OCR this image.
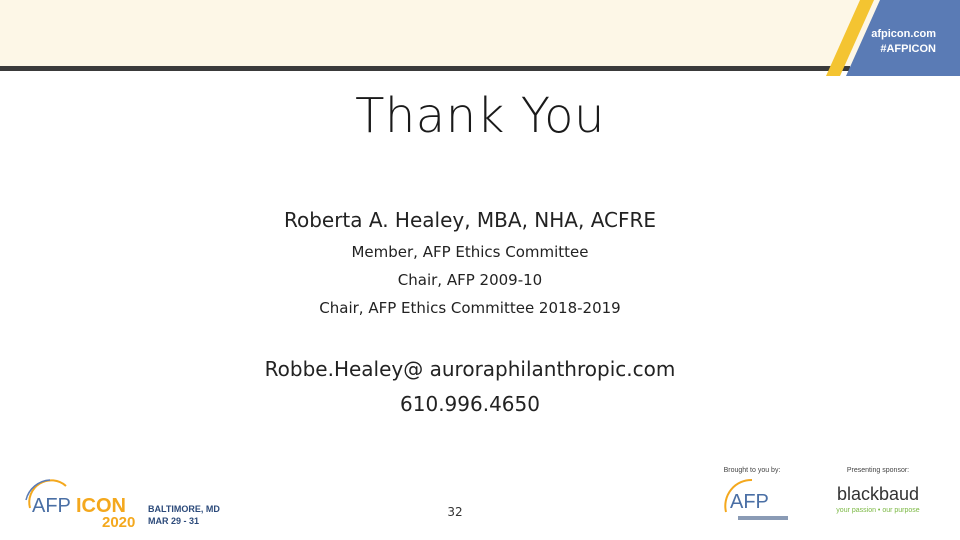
afpicon.com
#AFPICON
Thank You
Roberta A. Healey, MBA, NHA, ACFRE
Member, AFP Ethics Committee
Chair, AFP 2009-10
Chair, AFP Ethics Committee 2018-2019
Robbe.Healey@ auroraphilanthropic.com
610.996.4650
32
AFP ICON
2020
BALTIMORE, MD
MAR 29 - 31
Brought to you by:
AFP
Presenting sponsor:
blackbaud
your passion • our purpose
